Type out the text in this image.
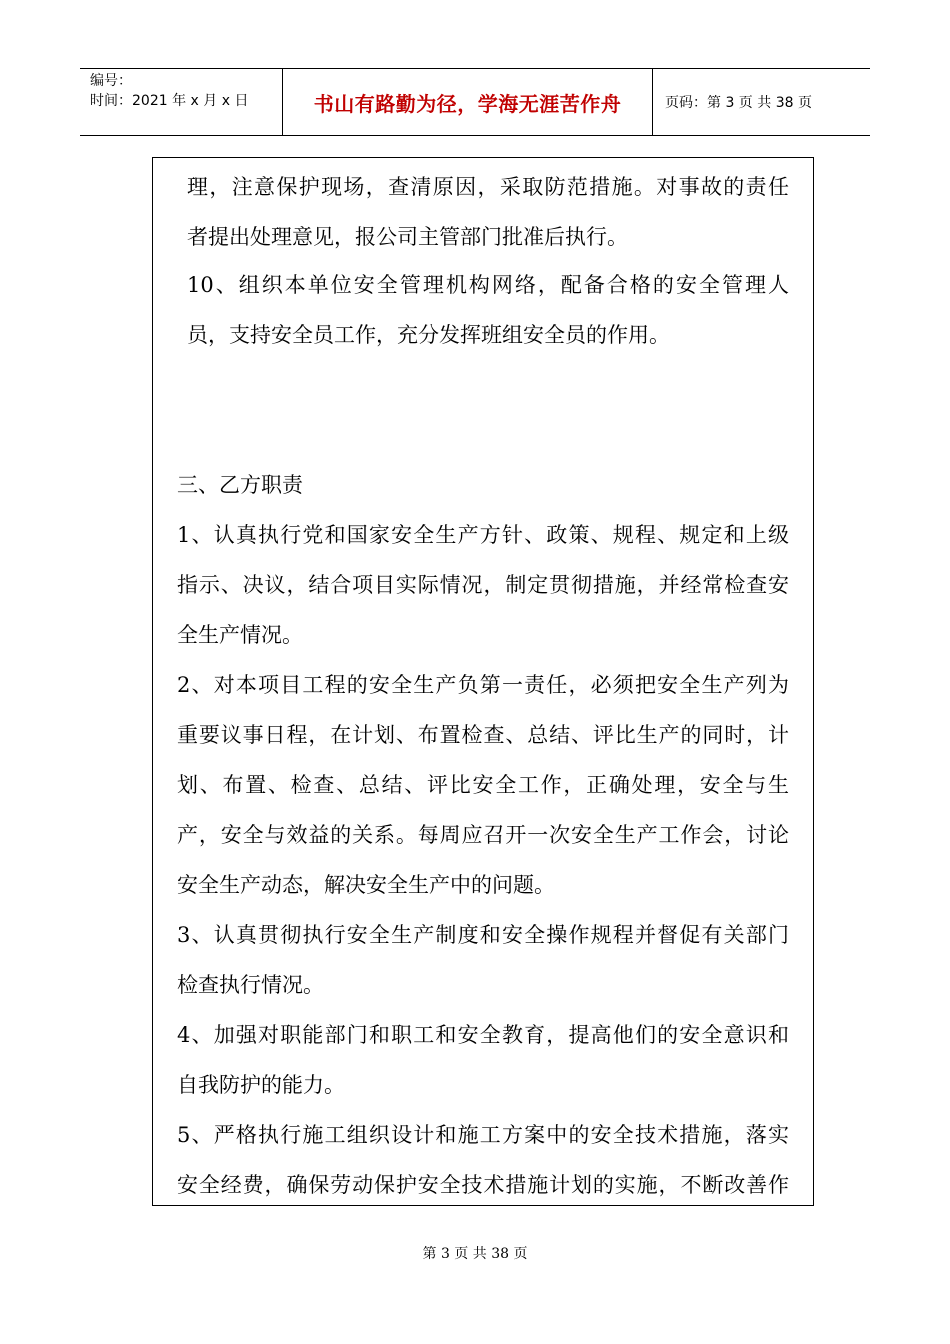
编号：
时间：2021 年 x 月 x 日	书山有路勤为径，学海无涯苦作舟	页码：第 3 页 共 38 页
理，注意保护现场，查清原因，采取防范措施。对事故的责任
者提出处理意见，报公司主管部门批准后执行。
10、组织本单位安全管理机构网络，配备合格的安全管理人
员，支持安全员工作，充分发挥班组安全员的作用。
三、乙方职责
1、认真执行党和国家安全生产方针、政策、规程、规定和上级
指示、决议，结合项目实际情况，制定贯彻措施，并经常检查安
全生产情况。
2、对本项目工程的安全生产负第一责任，必须把安全生产列为
重要议事日程，在计划、布置检查、总结、评比生产的同时，计
划、布置、检查、总结、评比安全工作，正确处理，安全与生
产，安全与效益的关系。每周应召开一次安全生产工作会，讨论
安全生产动态，解决安全生产中的问题。
3、认真贯彻执行安全生产制度和安全操作规程并督促有关部门
检查执行情况。
4、加强对职能部门和职工和安全教育，提高他们的安全意识和
自我防护的能力。
5、严格执行施工组织设计和施工方案中的安全技术措施，落实
安全经费，确保劳动保护安全技术措施计划的实施，不断改善作
第 3 页 共 38 页
